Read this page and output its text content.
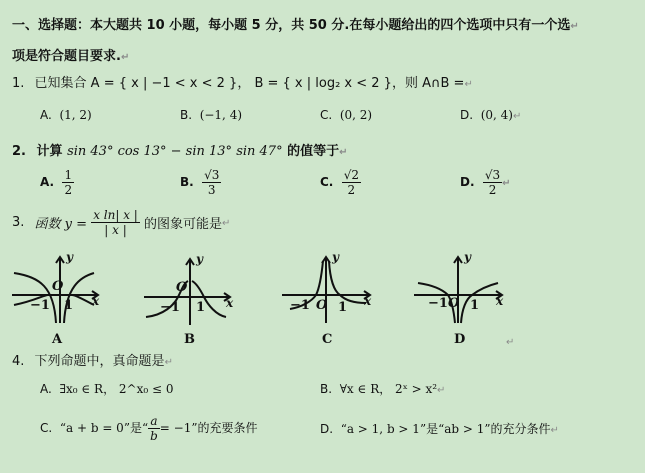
一、选择题：本大题共 10 小题，每小题 5 分，共 50 分.在每小题给出的四个选项中只有一个选↵
项是符合题目要求.↵
1. 已知集合 A = { x | −1 < x < 2 }， B = { x | log₂ x < 2 }，则 A∩B =↵
A. (1, 2)	B. (−1, 4)	C. (0, 2)	D. (0, 4)↵
2. 计算 sin 43° cos 13° − sin 13° sin 47° 的值等于↵
A. $\frac{1}{2}$	B. $\frac{√3}{3}$	C. $\frac{√2}{2}$	D. $\frac{√3}{2}$ ↵
3. 函数 $y = \frac{\text{x ln| x |}}{| x |}$ 的图象可能是↵
y
x
y
x
y
x
y
x
−1
O
1
O
−1 1	−1 O 1	−1 O 1
A	B	C	D	↵
4. 下列命题中，真命题是↵
A. ∃x₀ ∈ R， 2^x₀ ≤ 0	B. ∀x ∈ R， 2ˣ > x²↵
C. “a + b = 0”是“ $\frac{a}{b} = -1$”的充要条件	D. “a > 1, b > 1”是“ab > 1”的充分条件↵
